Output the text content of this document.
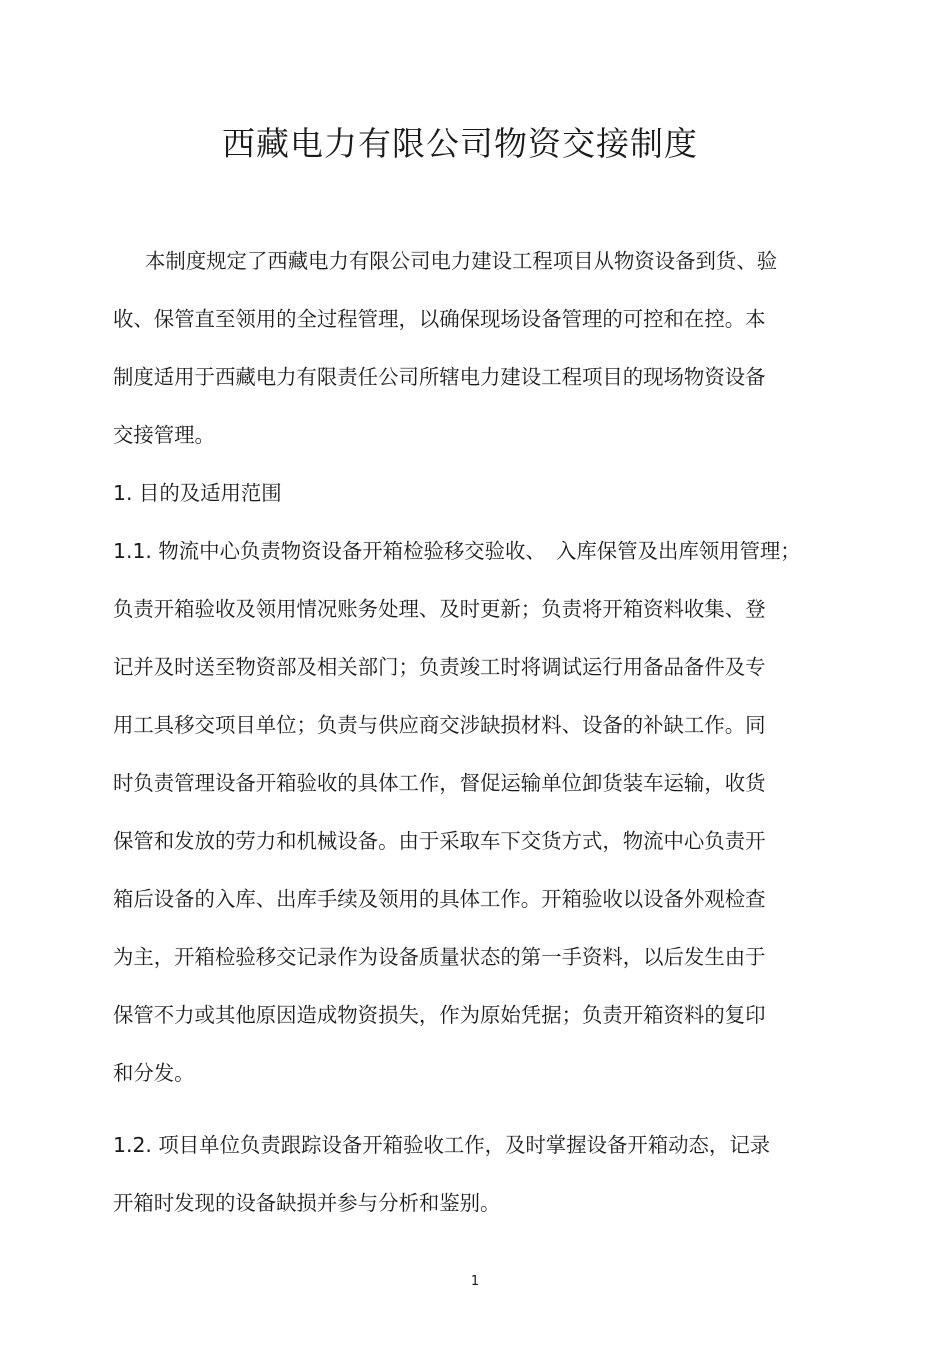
西藏电力有限公司物资交接制度
本制度规定了西藏电力有限公司电力建设工程项目从物资设备到货、验
收、保管直至领用的全过程管理，以确保现场设备管理的可控和在控。本
制度适用于西藏电力有限责任公司所辖电力建设工程项目的现场物资设备
交接管理。
1. 目的及适用范围
1.1. 物流中心负责物资设备开箱检验移交验收、　入库保管及出库领用管理；
负责开箱验收及领用情况账务处理、及时更新；负责将开箱资料收集、登
记并及时送至物资部及相关部门；负责竣工时将调试运行用备品备件及专
用工具移交项目单位；负责与供应商交涉缺损材料、设备的补缺工作。同
时负责管理设备开箱验收的具体工作，督促运输单位卸货装车运输，收货
保管和发放的劳力和机械设备。由于采取车下交货方式，物流中心负责开
箱后设备的入库、出库手续及领用的具体工作。开箱验收以设备外观检查
为主，开箱检验移交记录作为设备质量状态的第一手资料，以后发生由于
保管不力或其他原因造成物资损失，作为原始凭据；负责开箱资料的复印
和分发。
1.2. 项目单位负责跟踪设备开箱验收工作，及时掌握设备开箱动态，记录
开箱时发现的设备缺损并参与分析和鉴别。
1
